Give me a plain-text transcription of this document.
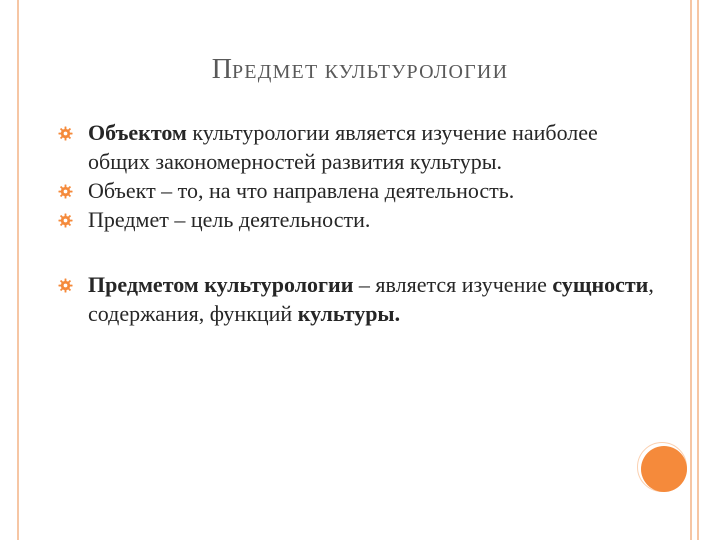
ПРЕДМЕТ КУЛЬТУРОЛОГИИ
Объектом культурологии является изучение наиболее общих закономерностей развития культуры.
Объект – то, на что направлена деятельность.
Предмет – цель деятельности.
Предметом культурологии – является изучение сущности, содержания, функций культуры.
